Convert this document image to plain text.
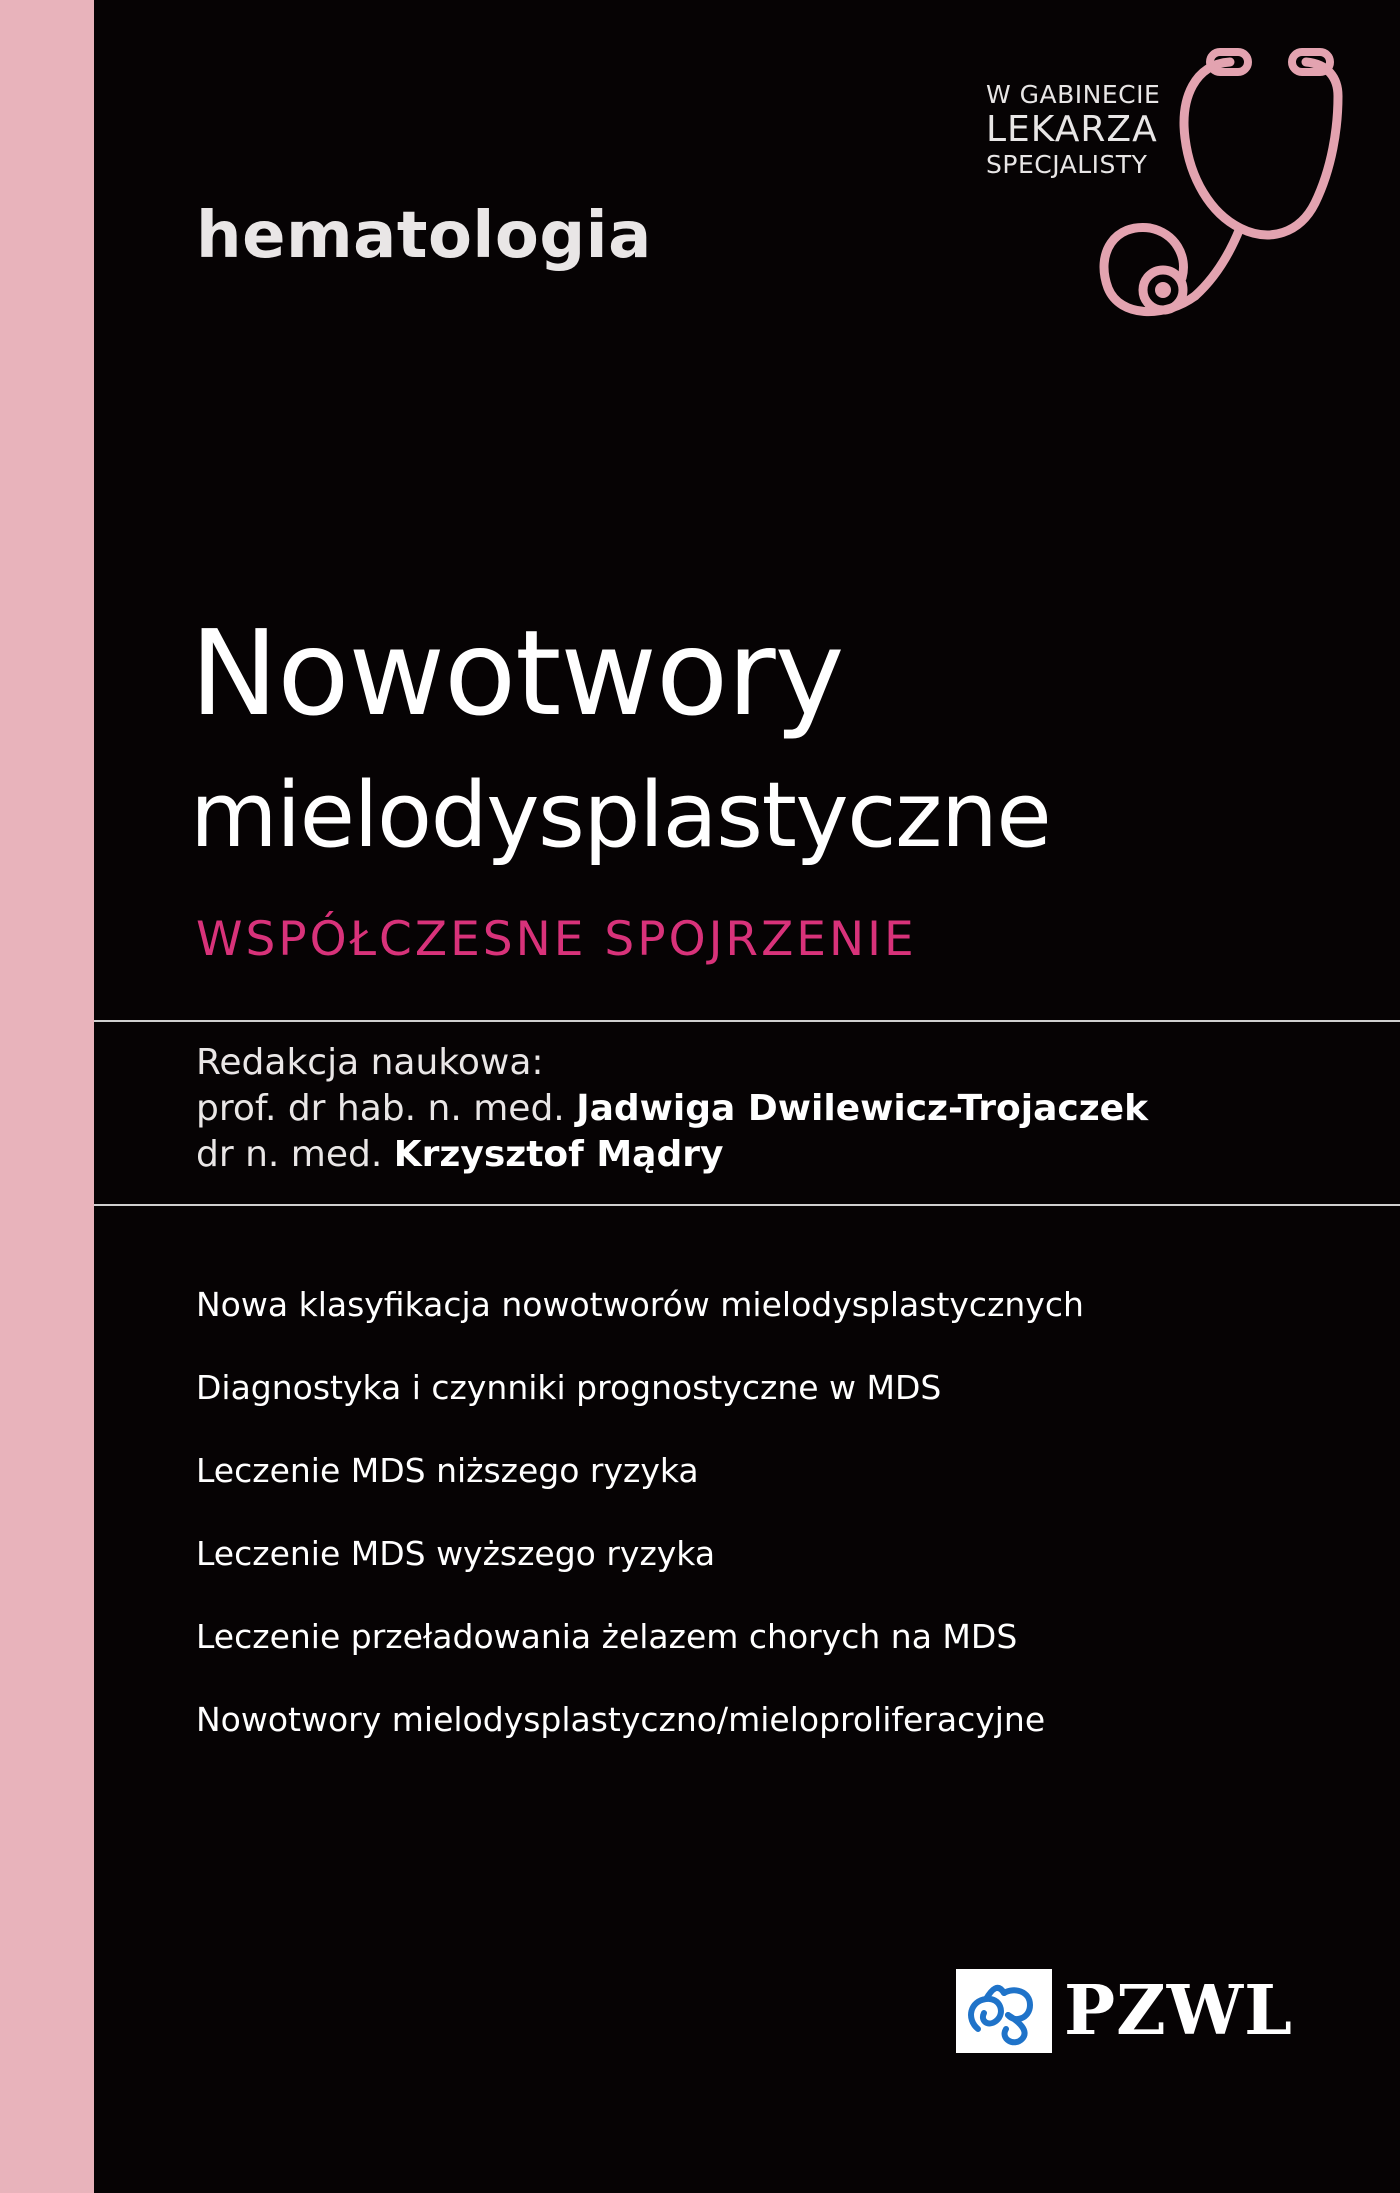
W GABINECIE
LEKARZA
SPECJALISTY
hematologia
Nowotwory
mielodysplastyczne
WSPÓŁCZESNE SPOJRZENIE
Redakcja naukowa:
prof. dr hab. n. med. Jadwiga Dwilewicz-Trojaczek
dr n. med. Krzysztof Mądry
Nowa klasyfikacja nowotworów mielodysplastycznych
Diagnostyka i czynniki prognostyczne w MDS
Leczenie MDS niższego ryzyka
Leczenie MDS wyższego ryzyka
Leczenie przeładowania żelazem chorych na MDS
Nowotwory mielodysplastyczno/mieloproliferacyjne
PZWL
